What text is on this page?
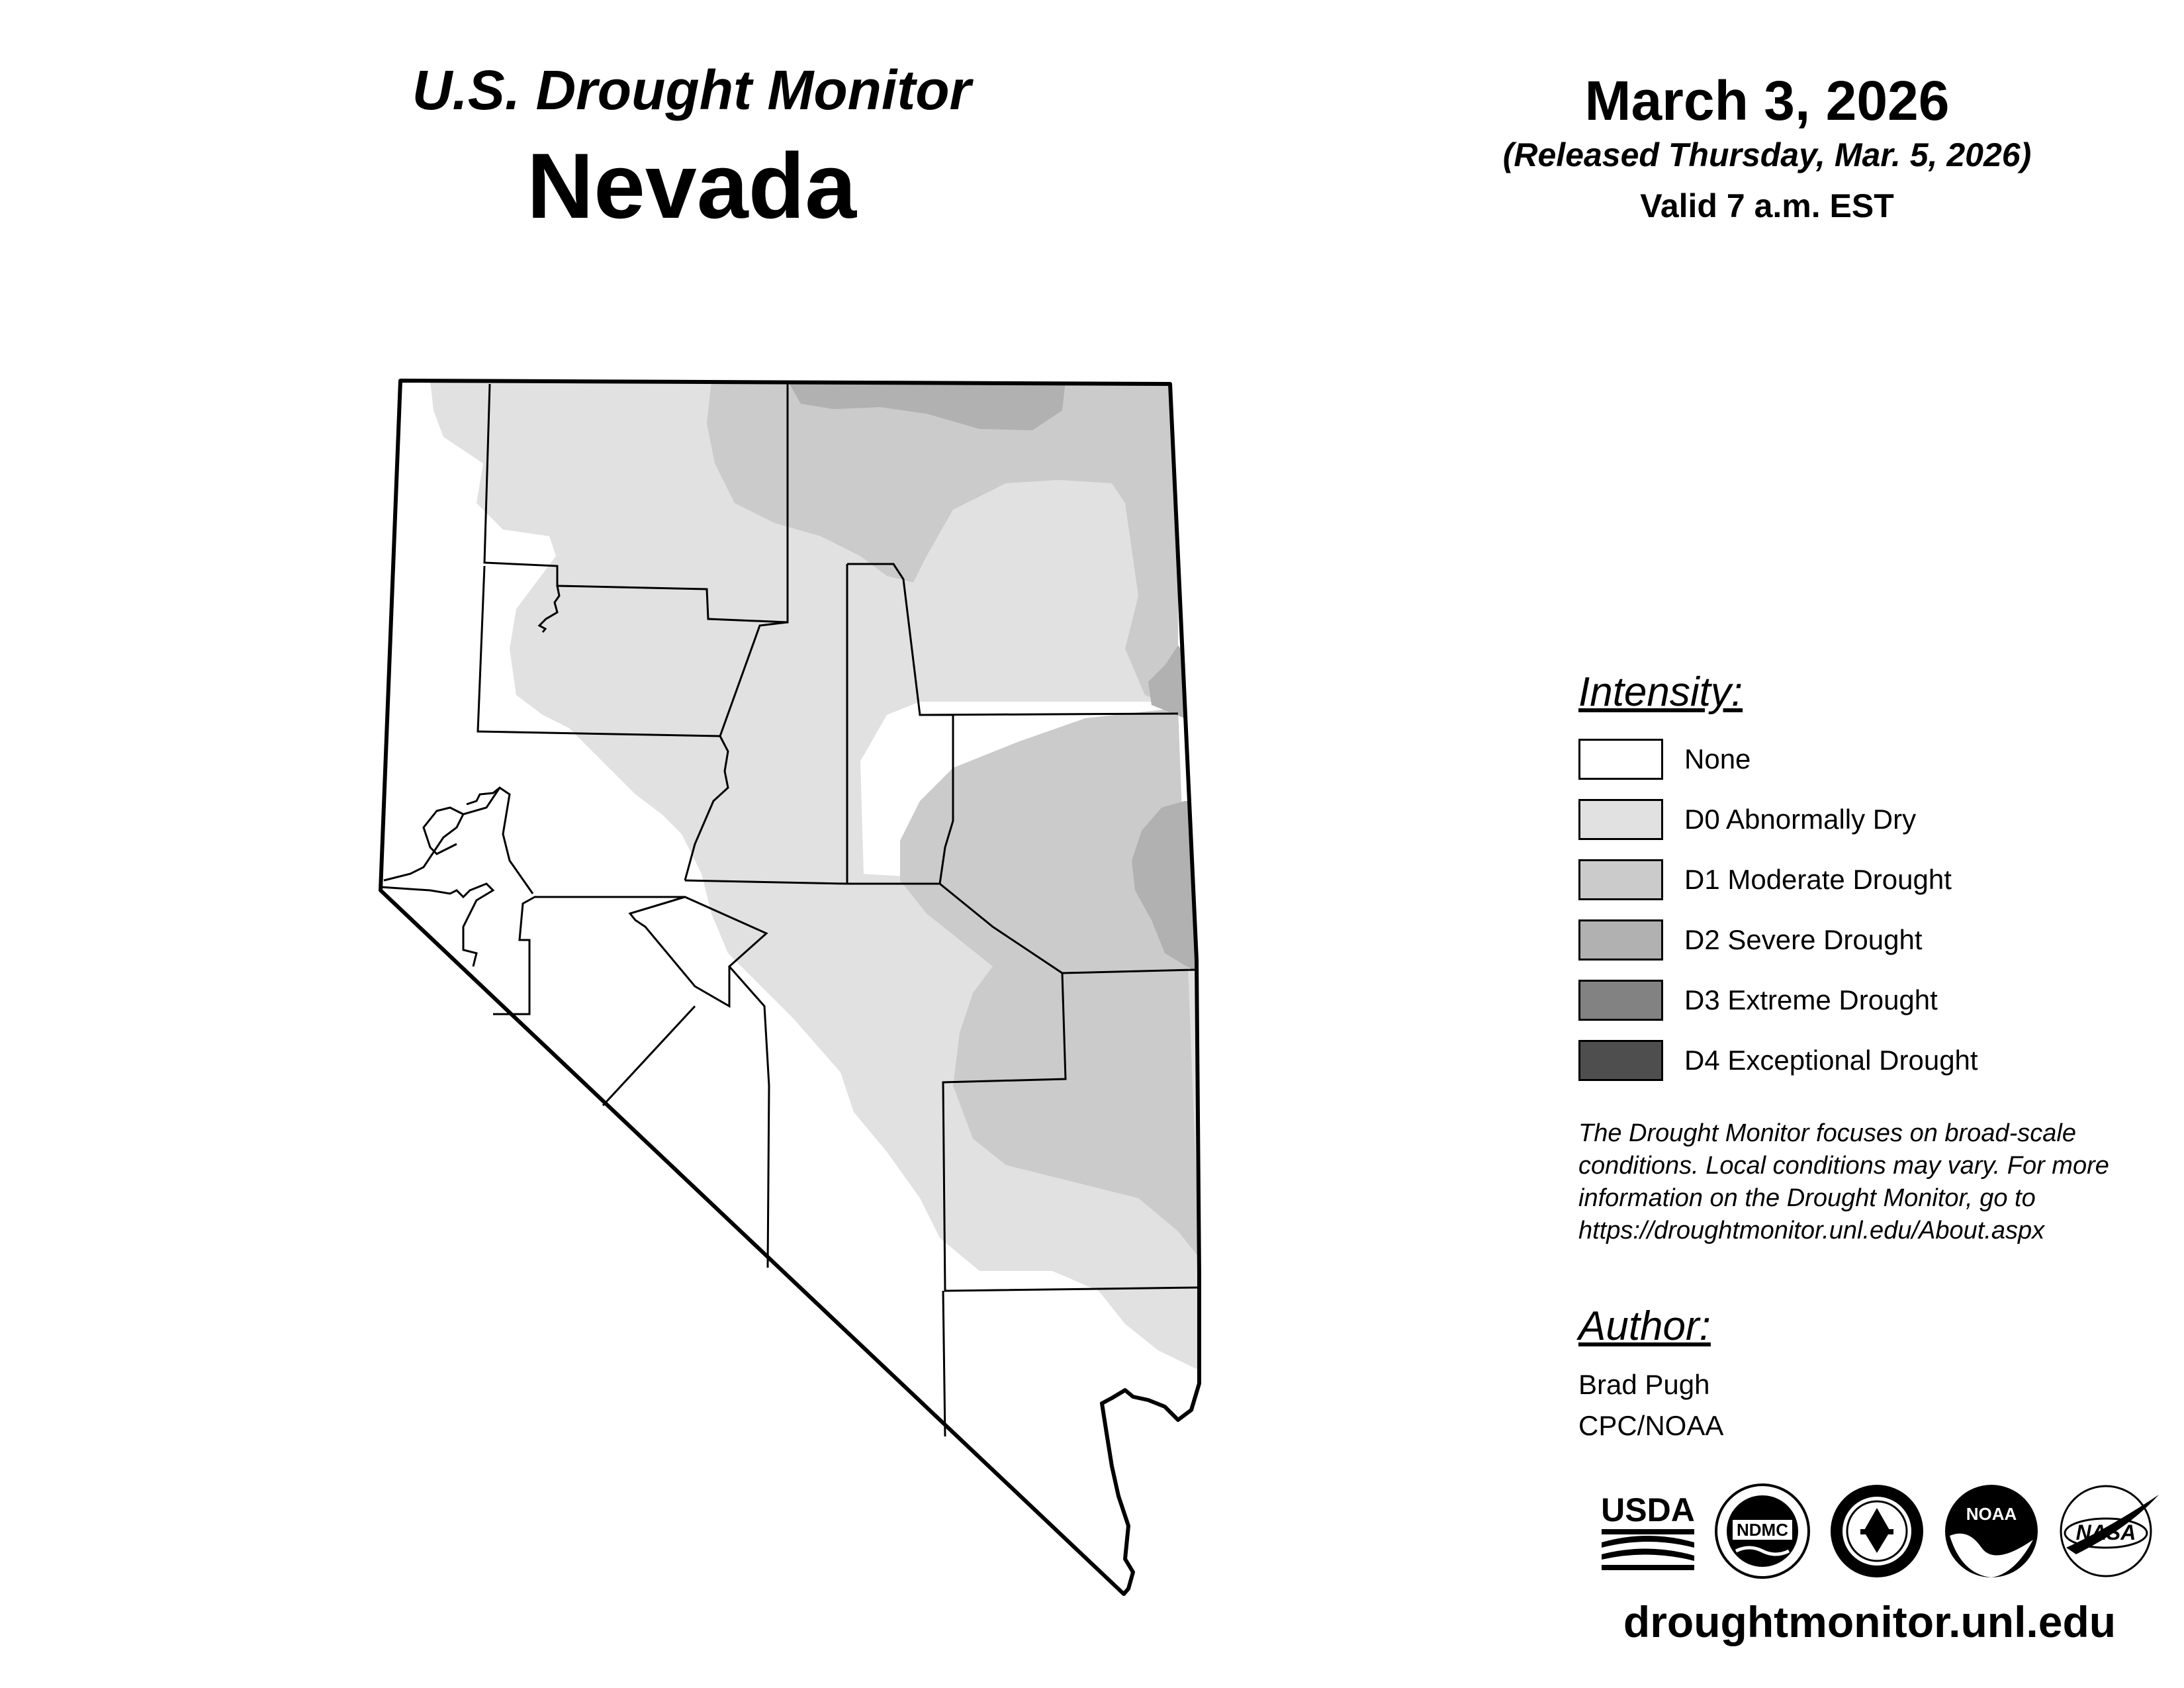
U.S. Drought Monitor
Nevada
March 3, 2026
(Released Thursday, Mar. 5, 2026)
Valid 7 a.m. EST
Intensity:
None
D0 Abnormally Dry
D1 Moderate Drought
D2 Severe Drought
D3 Extreme Drought
D4 Exceptional Drought
The Drought Monitor focuses on broad-scale conditions. Local conditions may vary. For more information on the Drought Monitor, go to https://droughtmonitor.unl.edu/About.aspx
Author:
Brad Pugh
CPC/NOAA
USDA
NDMC
NOAA
NASA
droughtmonitor.unl.edu
